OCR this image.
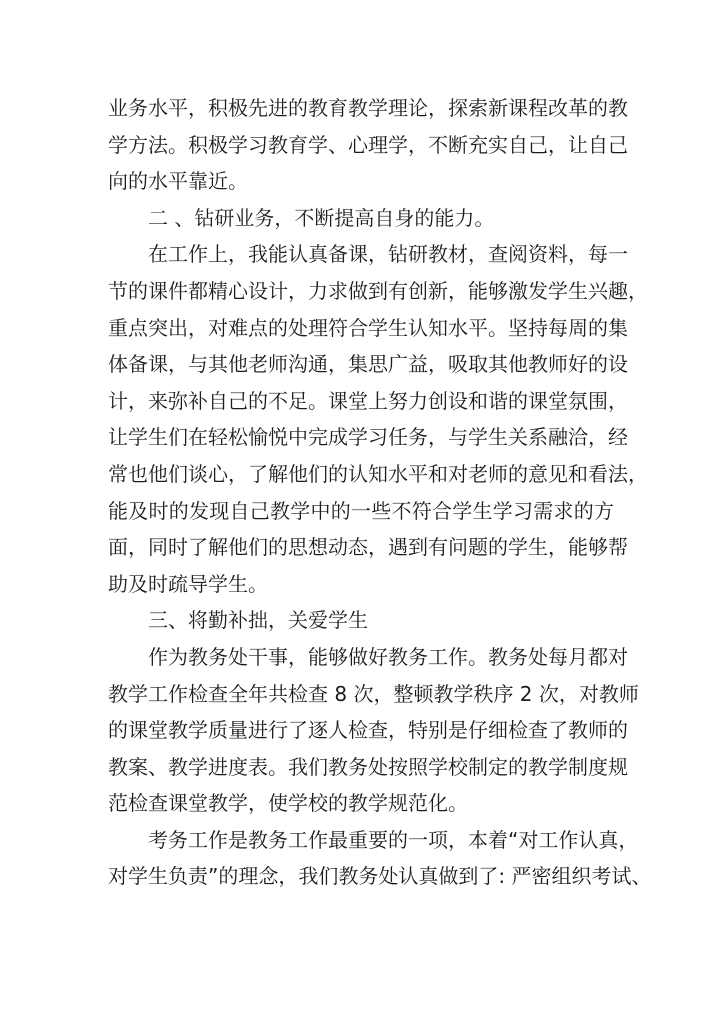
业务水平，积极先进的教育教学理论，探索新课程改革的教
学方法。积极学习教育学、心理学，不断充实自己，让自己
向的水平靠近。
二 、钻研业务，不断提高自身的能力。
在工作上，我能认真备课，钻研教材，查阅资料，每一
节的课件都精心设计，力求做到有创新，能够激发学生兴趣，
重点突出，对难点的处理符合学生认知水平。坚持每周的集
体备课，与其他老师沟通，集思广益，吸取其他教师好的设
计，来弥补自己的不足。课堂上努力创设和谐的课堂氛围，
让学生们在轻松愉悦中完成学习任务，与学生关系融洽，经
常也他们谈心，了解他们的认知水平和对老师的意见和看法，
能及时的发现自己教学中的一些不符合学生学习需求的方
面，同时了解他们的思想动态，遇到有问题的学生，能够帮
助及时疏导学生。
三、将勤补拙，关爱学生
作为教务处干事，能够做好教务工作。教务处每月都对
教学工作检查全年共检查 8 次，整顿教学秩序 2 次，对教师
的课堂教学质量进行了逐人检查，特别是仔细检查了教师的
教案、教学进度表。我们教务处按照学校制定的教学制度规
范检查课堂教学，使学校的教学规范化。
考务工作是教务工作最重要的一项，本着“对工作认真，
对学生负责”的理念，我们教务处认真做到了: 严密组织考试、
